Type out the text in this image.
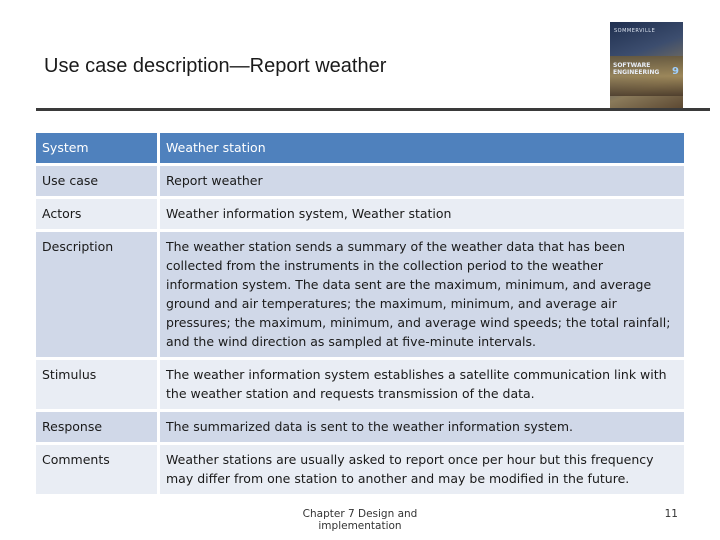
Use case description—Report weather
SOMMERVILLE
SOFTWARE ENGINEERING	9
System	Weather station
Use case	Report weather
Actors	Weather information system, Weather station
Description	The weather station sends a summary of the weather data that has been collected from the instruments in the collection period to the weather information system. The data sent are the maximum, minimum, and average ground and air temperatures; the maximum, minimum, and average air pressures; the maximum, minimum, and average wind speeds; the total rainfall; and the wind direction as sampled at five-minute intervals.
Stimulus	The weather information system establishes a satellite communication link with the weather station and requests transmission of the data.
Response	The summarized data is sent to the weather information system.
Comments	Weather stations are usually asked to report once per hour but this frequency may differ from one station to another and may be modified in the future.
Chapter 7 Design and implementation
11
